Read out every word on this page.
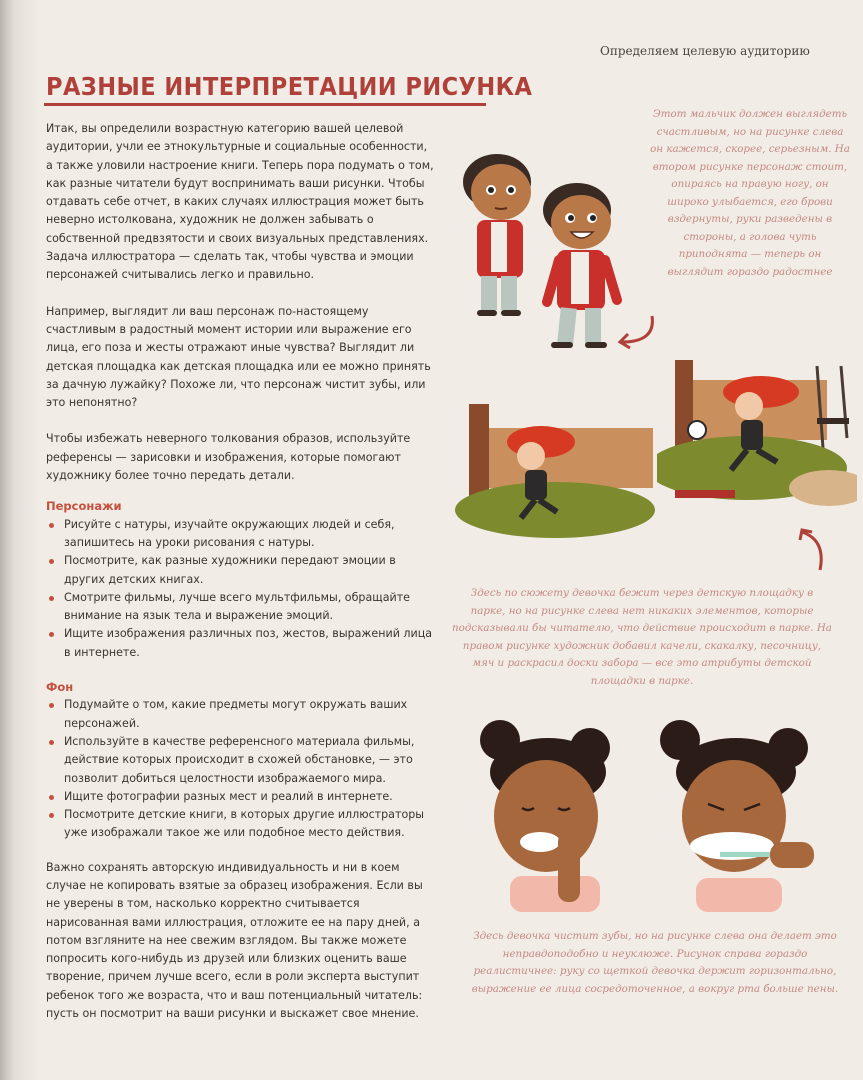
Определяем целевую аудиторию
РАЗНЫЕ ИНТЕРПРЕТАЦИИ РИСУНКА

Итак, вы определили возрастную категорию вашей целевой аудитории, учли ее этнокультурные и социальные особенности, а также уловили настроение книги. Теперь пора подумать о том, как разные читатели будут воспринимать ваши рисунки. Чтобы отдавать себе отчет, в каких случаях иллюстрация может быть неверно истолкована, художник не должен забывать о собственной предвзятости и своих визуальных представлениях. Задача иллюстратора — сделать так, чтобы чувства и эмоции персонажей считывались легко и правильно.

Например, выглядит ли ваш персонаж по-настоящему счастливым в радостный момент истории или выражение его лица, его поза и жесты отражают иные чувства? Выглядит ли детская площадка как детская площадка или ее можно принять за дачную лужайку? Похоже ли, что персонаж чистит зубы, или это непонятно?

Чтобы избежать неверного толкования образов, используйте референсы — зарисовки и изображения, которые помогают художнику более точно передать детали.

Персонажи

Рисуйте с натуры, изучайте окружающих людей и себя, запишитесь на уроки рисования с натуры.
Посмотрите, как разные художники передают эмоции в других детских книгах.
Смотрите фильмы, лучше всего мультфильмы, обращайте внимание на язык тела и выражение эмоций.
Ищите изображения различных поз, жестов, выражений лица в интернете.

Фон

Подумайте о том, какие предметы могут окружать ваших персонажей.
Используйте в качестве референсного материала фильмы, действие которых происходит в схожей обстановке, — это позволит добиться целостности изображаемого мира.
Ищите фотографии разных мест и реалий в интернете.
Посмотрите детские книги, в которых другие иллюстраторы уже изображали такое же или подобное место действия.

Важно сохранять авторскую индивидуальность и ни в коем случае не копировать взятые за образец изображения. Если вы не уверены в том, насколько корректно считывается нарисованная вами иллюстрация, отложите ее на пару дней, а потом взгляните на нее свежим взглядом. Вы также можете попросить кого-нибудь из друзей или близких оценить ваше творение, причем лучше всего, если в роли эксперта выступит ребенок того же возраста, что и ваш потенциальный читатель: пусть он посмотрит на ваши рисунки и выскажет свое мнение.

Этот мальчик должен выглядеть счастливым, но на рисунке слева он кажется, скорее, серьезным. На втором рисунке персонаж стоит, опираясь на правую ногу, он широко улыбается, его брови вздернуты, руки разведены в стороны, а голова чуть приподнята — теперь он выглядит гораздо радостнее
Здесь по сюжету девочка бежит через детскую площадку в парке, но на рисунке слева нет никаких элементов, которые подсказывали бы читателю, что действие происходит в парке. На правом рисунке художник добавил качели, скакалку, песочницу, мяч и раскрасил доски забора — все это атрибуты детской площадки в парке.
Здесь девочка чистит зубы, но на рисунке слева она делает это неправдоподобно и неуклюже. Рисунок справа гораздо реалистичнее: руку со щеткой девочка держит горизонтально, выражение ее лица сосредоточенное, а вокруг рта больше пены.
